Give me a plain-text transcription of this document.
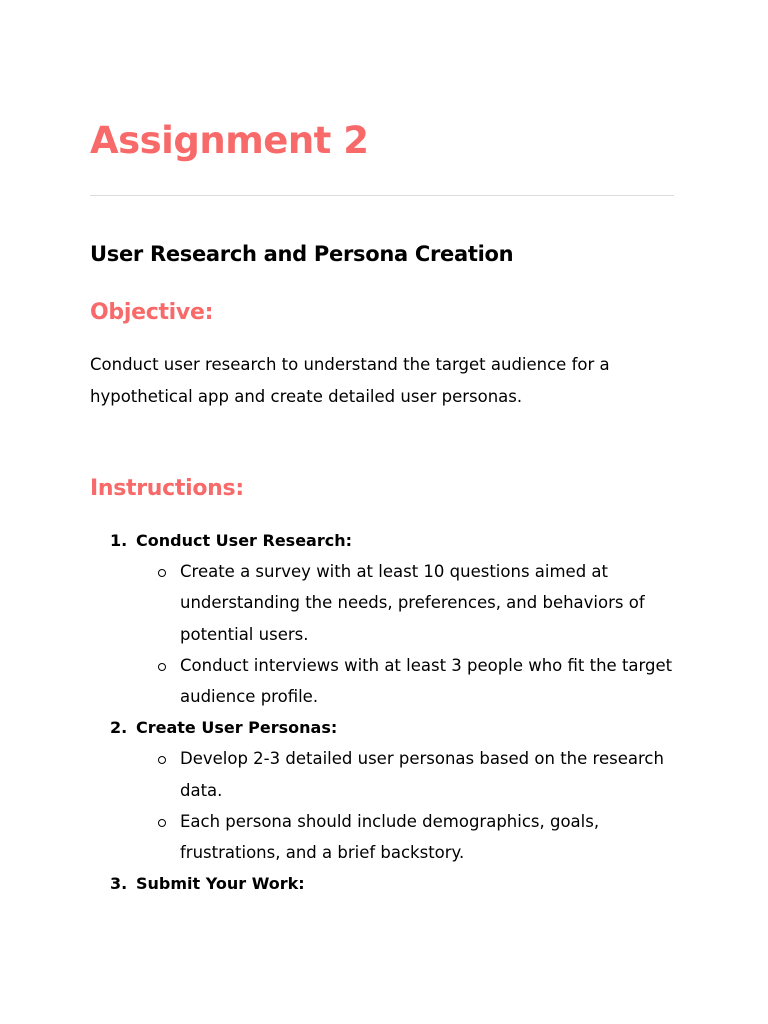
Assignment 2
User Research and Persona Creation
Objective:

Conduct user research to understand the target audience for a hypothetical app and create detailed user personas.

Instructions:
1. Conduct User Research:
Create a survey with at least 10 questions aimed at understanding the needs, preferences, and behaviors of potential users.
Conduct interviews with at least 3 people who fit the target audience profile.
2. Create User Personas:
Develop 2-3 detailed user personas based on the research data.
Each persona should include demographics, goals, frustrations, and a brief backstory.
3. Submit Your Work:
